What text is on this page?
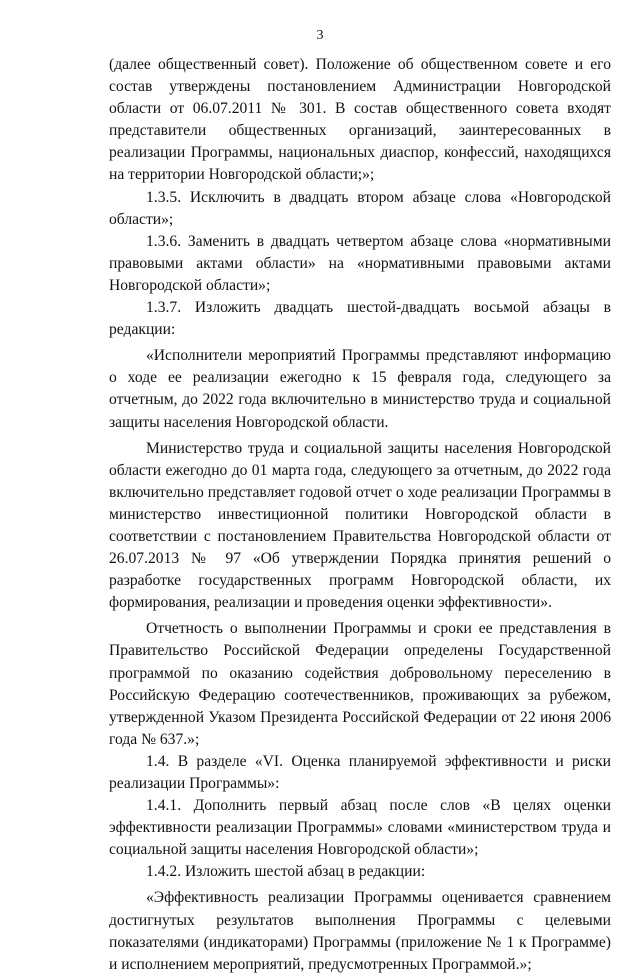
3

(далее общественный совет). Положение об общественном совете и его состав утверждены постановлением Администрации Новгородской области от 06.07.2011 № 301. В состав общественного совета входят представители общественных организаций, заинтересованных в реализации Программы, национальных диаспор, конфессий, находящихся на территории Новгородской области;»;

1.3.5. Исключить в двадцать втором абзаце слова «Новгородской области»;

1.3.6. Заменить в двадцать четвертом абзаце слова «нормативными правовыми актами области» на «нормативными правовыми актами Новгородской области»;

1.3.7. Изложить двадцать шестой-двадцать восьмой абзацы в редакции:

«Исполнители мероприятий Программы представляют информацию о ходе ее реализации ежегодно к 15 февраля года, следующего за отчетным, до 2022 года включительно в министерство труда и социальной защиты населения Новгородской области.

Министерство труда и социальной защиты населения Новгородской области ежегодно до 01 марта года, следующего за отчетным, до 2022 года включительно представляет годовой отчет о ходе реализации Программы в министерство инвестиционной политики Новгородской области в соответствии с постановлением Правительства Новгородской области от 26.07.2013 № 97 «Об утверждении Порядка принятия решений о разработке государственных программ Новгородской области, их формирования, реализации и проведения оценки эффективности».

Отчетность о выполнении Программы и сроки ее представления в Правительство Российской Федерации определены Государственной программой по оказанию содействия добровольному переселению в Российскую Федерацию соотечественников, проживающих за рубежом, утвержденной Указом Президента Российской Федерации от 22 июня 2006 года № 637.»;

1.4. В разделе «VI. Оценка планируемой эффективности и риски реализации Программы»:

1.4.1. Дополнить первый абзац после слов «В целях оценки эффективности реализации Программы» словами «министерством труда и социальной защиты населения Новгородской области»;

1.4.2. Изложить шестой абзац в редакции:

«Эффективность реализации Программы оценивается сравнением достигнутых результатов выполнения Программы с целевыми показателями (индикаторами) Программы (приложение № 1 к Программе) и исполнением мероприятий, предусмотренных Программой.»;
